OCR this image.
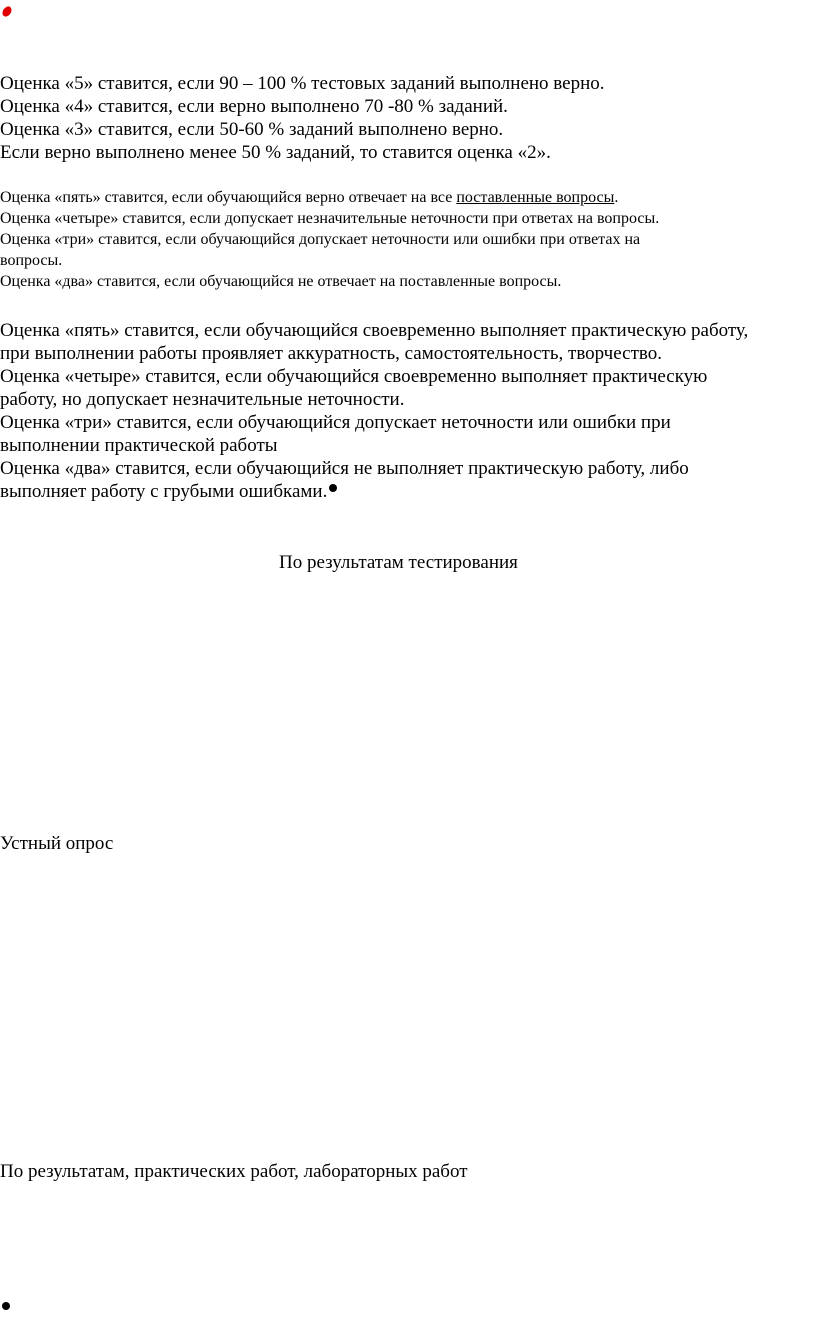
Оценка «5» ставится, если 90 – 100 % тестовых заданий выполнено верно.
Оценка «4» ставится, если верно выполнено 70 -80 % заданий.
Оценка «3» ставится, если 50-60 % заданий выполнено верно.
Если верно выполнено менее 50 % заданий, то ставится оценка «2».
Оценка «пять» ставится, если обучающийся верно отвечает на все поставленные вопросы.
Оценка «четыре» ставится, если допускает незначительные неточности при ответах на вопросы.
Оценка «три» ставится, если обучающийся допускает неточности или ошибки при ответах на
вопросы.
Оценка «два» ставится, если обучающийся не отвечает на поставленные вопросы.
Оценка «пять» ставится, если обучающийся своевременно выполняет практическую работу,
при выполнении работы проявляет аккуратность, самостоятельность, творчество.
Оценка «четыре» ставится, если обучающийся своевременно выполняет практическую
работу, но допускает незначительные неточности.
Оценка «три» ставится, если обучающийся допускает неточности или ошибки при
выполнении практической работы
Оценка «два» ставится, если обучающийся не выполняет практическую работу, либо
выполняет работу с грубыми ошибками.
По результатам тестирования
Устный опрос
По результатам, практических работ, лабораторных работ
